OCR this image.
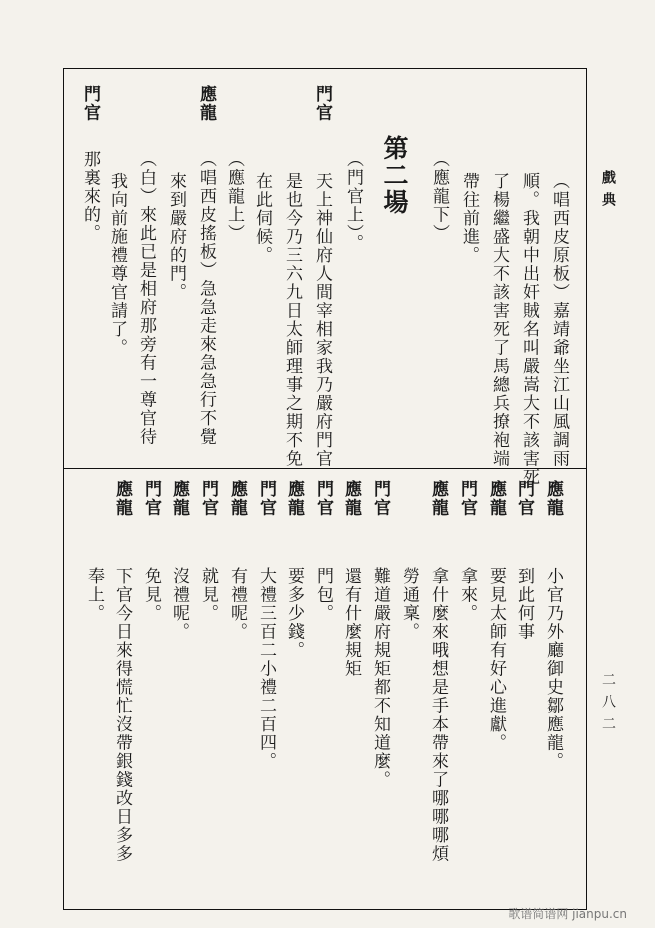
戲典
二八二
（唱西皮原板）嘉靖爺坐江山風調雨
順。我朝中出奸賊名叫嚴嵩大不該害死
了楊繼盛大不該害死了馬總兵撩袍端
帶往前進。
（應龍下）
第二場
（門官上）。
門官
天上神仙府人間宰相家我乃嚴府門官
是也今乃三六九日太師理事之期不免
在此伺候。
（應龍上）
應龍
（唱西皮搖板）急急走來急急行不覺
來到嚴府的門。
（白）來此已是相府那旁有一尊官待
我向前施禮尊官請了。
門官
那裏來的。
應龍
小官乃外廳御史鄒應龍。
門官
到此何事
應龍
要見太師有好心進獻。
門官
拿來。
應龍
拿什麼來哦想是手本帶來了哪哪哪煩
勞通稟。
門官
難道嚴府規矩都不知道麼。
應龍
還有什麼規矩
門官
門包。
應龍
要多少錢。
門官
大禮三百二小禮二百四。
應龍
有禮呢。
門官
就見。
應龍
沒禮呢。
門官
免見。
應龍
下官今日來得慌忙沒帶銀錢改日多多
奉上。
歌谱简谱网 jianpu.cn
